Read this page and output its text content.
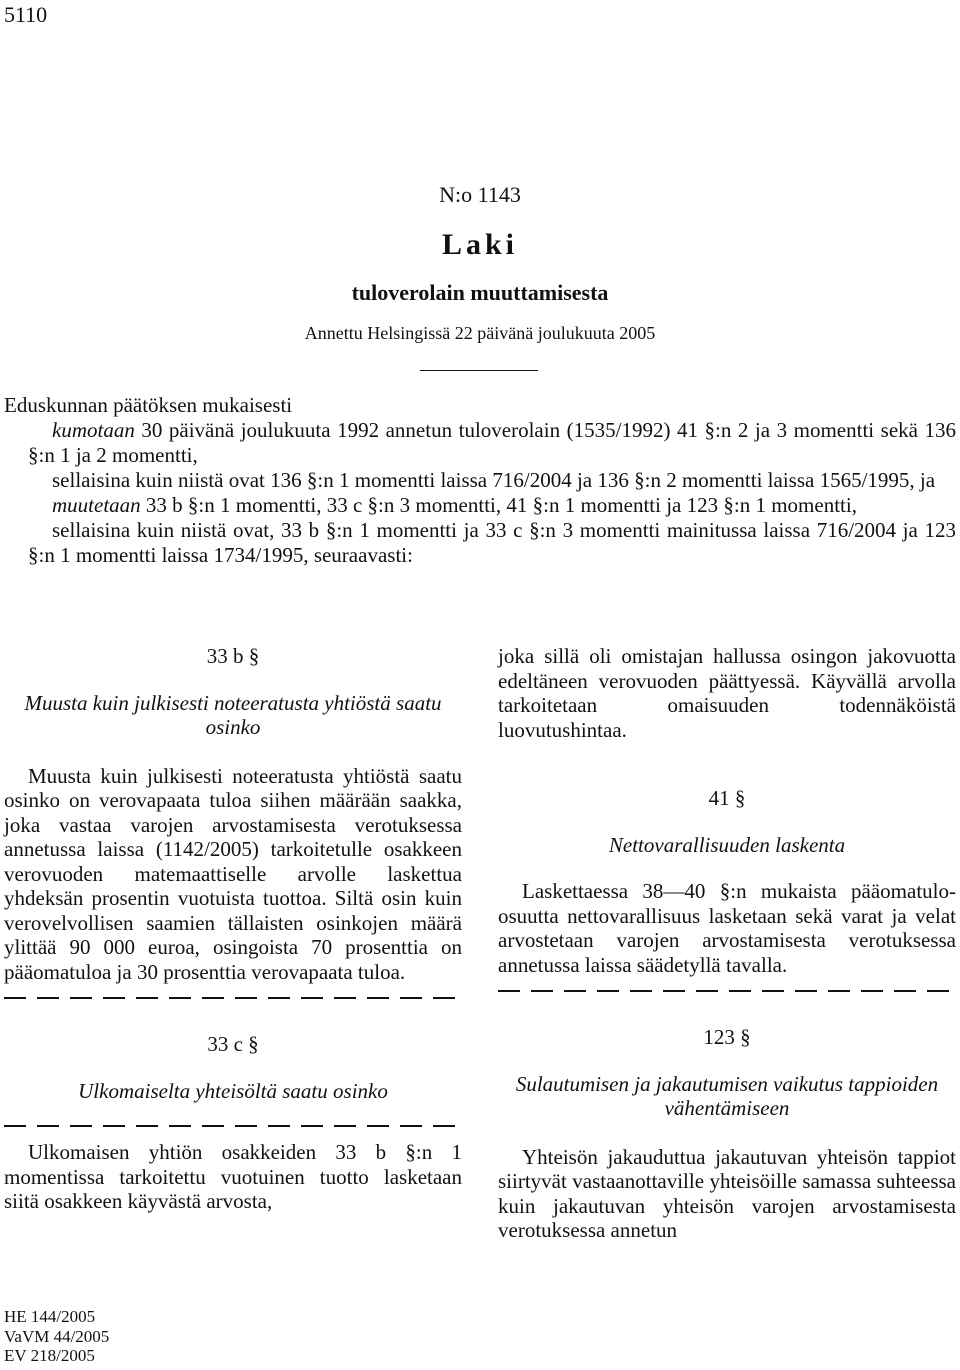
5110
N:o 1143
Laki
tuloverolain muuttamisesta
Annettu Helsingissä 22 päivänä joulukuuta 2005

Eduskunnan päätöksen mukaisesti

kumotaan 30 päivänä joulukuuta 1992 annetun tuloverolain (1535/1992) 41 §:n 2 ja 3 momentti sekä 136 §:n 1 ja 2 momentti,

sellaisina kuin niistä ovat 136 §:n 1 momentti laissa 716/2004 ja 136 §:n 2 momentti laissa 1565/1995, ja

muutetaan 33 b §:n 1 momentti, 33 c §:n 3 momentti, 41 §:n 1 momentti ja 123 §:n 1 momentti,

sellaisina kuin niistä ovat, 33 b §:n 1 momentti ja 33 c §:n 3 momentti mainitussa laissa 716/2004 ja 123 §:n 1 momentti laissa 1734/1995, seuraavasti:

33 b §

Muusta kuin julkisesti noteeratusta yhtiöstä saatu osinko

Muusta kuin julkisesti noteeratusta yhtiöstä saatu osinko on verovapaata tuloa siihen määrään saakka, joka vastaa varojen arvostamisesta verotuksessa annetussa laissa (1142/2005) tarkoitetulle osakkeen verovuoden matemaattiselle arvolle laskettua yhdeksän prosentin vuotuista tuottoa. Siltä osin kuin verovelvollisen saamien tällaisten osinkojen määrä ylittää 90 000 euroa, osingoista 70 prosenttia on pääomatuloa ja 30 prosenttia verovapaata tuloa.

33 c §

Ulkomaiselta yhteisöltä saatu osinko

Ulkomaisen yhtiön osakkeiden 33 b §:n 1 momentissa tarkoitettu vuotuinen tuotto lasketaan siitä osakkeen käyvästä arvosta,

joka sillä oli omistajan hallussa osingon jakovuotta edeltäneen verovuoden päättyessä. Käyvällä arvolla tarkoitetaan omaisuuden todennäköistä luovutushintaa.

41 §

Nettovarallisuuden laskenta

Laskettaessa 38—40 §:n mukaista pääomatulo-osuutta nettovarallisuus lasketaan sekä varat ja velat arvostetaan varojen arvostamisesta verotuksessa annetussa laissa säädetyllä tavalla.

123 §

Sulautumisen ja jakautumisen vaikutus tappioiden vähentämiseen

Yhteisön jakauduttua jakautuvan yhteisön tappiot siirtyvät vastaanottaville yhteisöille samassa suhteessa kuin jakautuvan yhteisön varojen arvostamisesta verotuksessa annetun

HE 144/2005
VaVM 44/2005
EV 218/2005
